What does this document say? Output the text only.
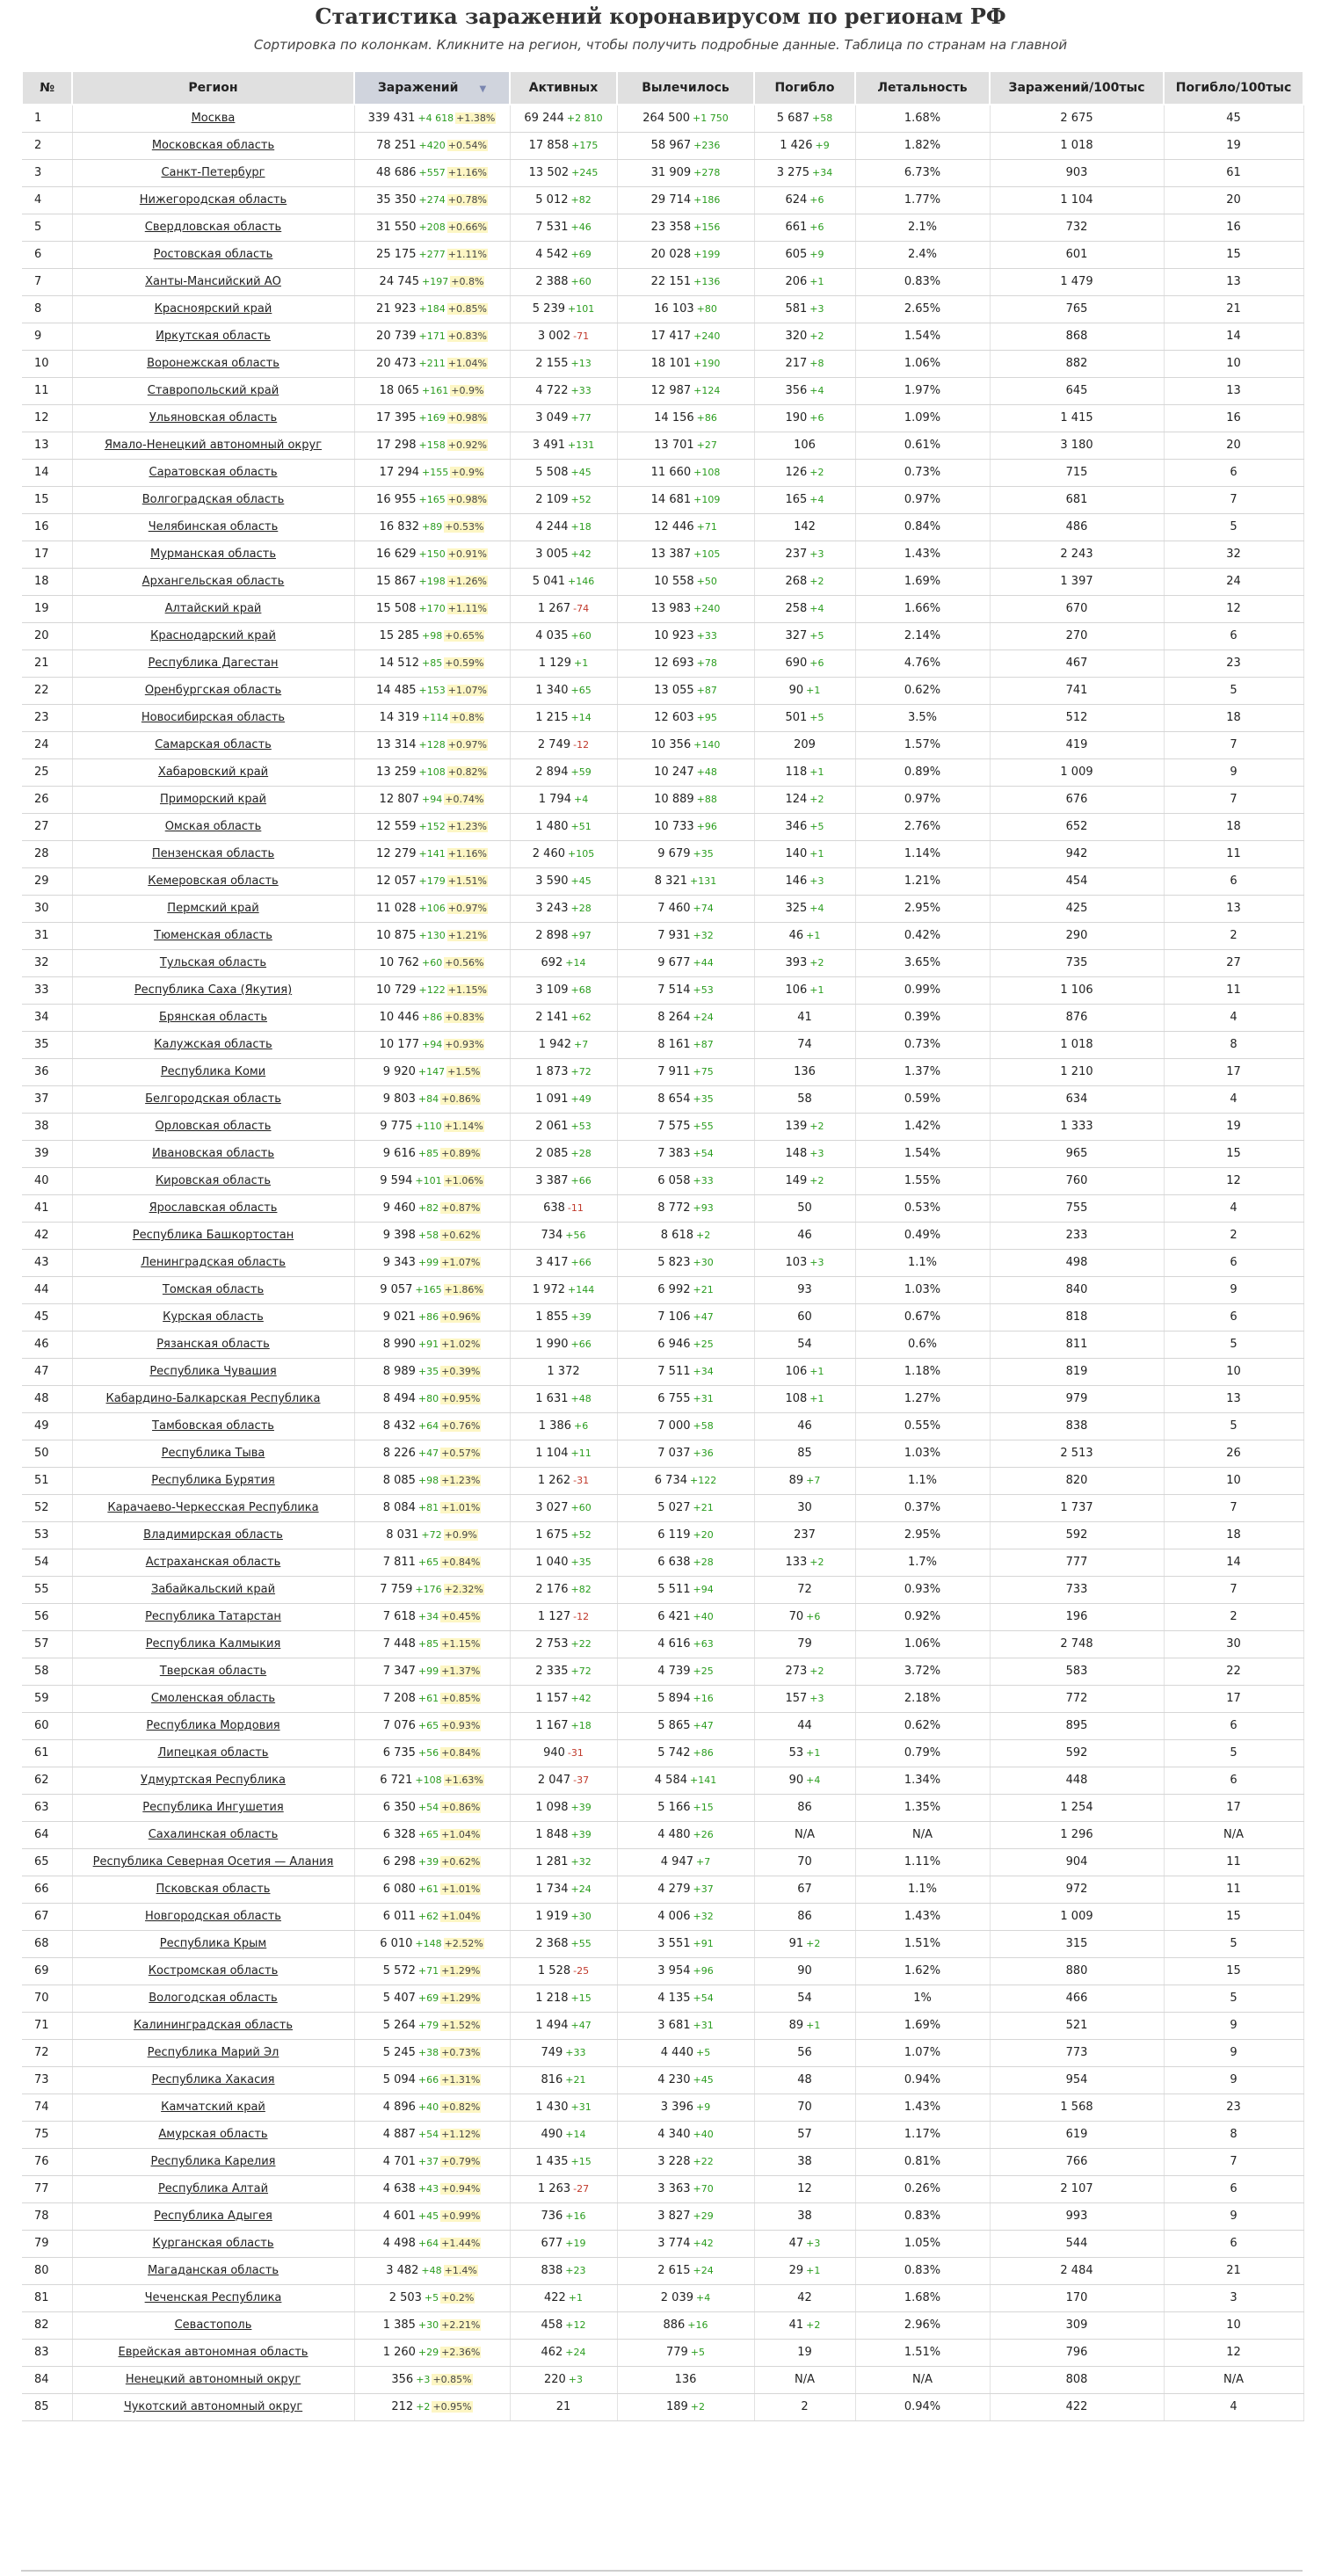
Статистика заражений коронавирусом по регионам РФ

Сортировка по колонкам. Кликните на регион, чтобы получить подробные данные. Таблица по странам на главной

№	Регион	Заражений ▼	Активных	Вылечилось	Погибло	Летальность	Заражений/100тыс	Погибло/100тыс
1	Москва	339 431 +4 618 +1.38%	69 244 +2 810	264 500 +1 750	5 687 +58	1.68%	2 675	45
2	Московская область	78 251 +420 +0.54%	17 858 +175	58 967 +236	1 426 +9	1.82%	1 018	19
3	Санкт-Петербург	48 686 +557 +1.16%	13 502 +245	31 909 +278	3 275 +34	6.73%	903	61
4	Нижегородская область	35 350 +274 +0.78%	5 012 +82	29 714 +186	624 +6	1.77%	1 104	20
5	Свердловская область	31 550 +208 +0.66%	7 531 +46	23 358 +156	661 +6	2.1%	732	16
6	Ростовская область	25 175 +277 +1.11%	4 542 +69	20 028 +199	605 +9	2.4%	601	15
7	Ханты-Мансийский АО	24 745 +197 +0.8%	2 388 +60	22 151 +136	206 +1	0.83%	1 479	13
8	Красноярский край	21 923 +184 +0.85%	5 239 +101	16 103 +80	581 +3	2.65%	765	21
9	Иркутская область	20 739 +171 +0.83%	3 002 -71	17 417 +240	320 +2	1.54%	868	14
10	Воронежская область	20 473 +211 +1.04%	2 155 +13	18 101 +190	217 +8	1.06%	882	10
11	Ставропольский край	18 065 +161 +0.9%	4 722 +33	12 987 +124	356 +4	1.97%	645	13
12	Ульяновская область	17 395 +169 +0.98%	3 049 +77	14 156 +86	190 +6	1.09%	1 415	16
13	Ямало-Ненецкий автономный округ	17 298 +158 +0.92%	3 491 +131	13 701 +27	106	0.61%	3 180	20
14	Саратовская область	17 294 +155 +0.9%	5 508 +45	11 660 +108	126 +2	0.73%	715	6
15	Волгоградская область	16 955 +165 +0.98%	2 109 +52	14 681 +109	165 +4	0.97%	681	7
16	Челябинская область	16 832 +89 +0.53%	4 244 +18	12 446 +71	142	0.84%	486	5
17	Мурманская область	16 629 +150 +0.91%	3 005 +42	13 387 +105	237 +3	1.43%	2 243	32
18	Архангельская область	15 867 +198 +1.26%	5 041 +146	10 558 +50	268 +2	1.69%	1 397	24
19	Алтайский край	15 508 +170 +1.11%	1 267 -74	13 983 +240	258 +4	1.66%	670	12
20	Краснодарский край	15 285 +98 +0.65%	4 035 +60	10 923 +33	327 +5	2.14%	270	6
21	Республика Дагестан	14 512 +85 +0.59%	1 129 +1	12 693 +78	690 +6	4.76%	467	23
22	Оренбургская область	14 485 +153 +1.07%	1 340 +65	13 055 +87	90 +1	0.62%	741	5
23	Новосибирская область	14 319 +114 +0.8%	1 215 +14	12 603 +95	501 +5	3.5%	512	18
24	Самарская область	13 314 +128 +0.97%	2 749 -12	10 356 +140	209	1.57%	419	7
25	Хабаровский край	13 259 +108 +0.82%	2 894 +59	10 247 +48	118 +1	0.89%	1 009	9
26	Приморский край	12 807 +94 +0.74%	1 794 +4	10 889 +88	124 +2	0.97%	676	7
27	Омская область	12 559 +152 +1.23%	1 480 +51	10 733 +96	346 +5	2.76%	652	18
28	Пензенская область	12 279 +141 +1.16%	2 460 +105	9 679 +35	140 +1	1.14%	942	11
29	Кемеровская область	12 057 +179 +1.51%	3 590 +45	8 321 +131	146 +3	1.21%	454	6
30	Пермский край	11 028 +106 +0.97%	3 243 +28	7 460 +74	325 +4	2.95%	425	13
31	Тюменская область	10 875 +130 +1.21%	2 898 +97	7 931 +32	46 +1	0.42%	290	2
32	Тульская область	10 762 +60 +0.56%	692 +14	9 677 +44	393 +2	3.65%	735	27
33	Республика Саха (Якутия)	10 729 +122 +1.15%	3 109 +68	7 514 +53	106 +1	0.99%	1 106	11
34	Брянская область	10 446 +86 +0.83%	2 141 +62	8 264 +24	41	0.39%	876	4
35	Калужская область	10 177 +94 +0.93%	1 942 +7	8 161 +87	74	0.73%	1 018	8
36	Республика Коми	9 920 +147 +1.5%	1 873 +72	7 911 +75	136	1.37%	1 210	17
37	Белгородская область	9 803 +84 +0.86%	1 091 +49	8 654 +35	58	0.59%	634	4
38	Орловская область	9 775 +110 +1.14%	2 061 +53	7 575 +55	139 +2	1.42%	1 333	19
39	Ивановская область	9 616 +85 +0.89%	2 085 +28	7 383 +54	148 +3	1.54%	965	15
40	Кировская область	9 594 +101 +1.06%	3 387 +66	6 058 +33	149 +2	1.55%	760	12
41	Ярославская область	9 460 +82 +0.87%	638 -11	8 772 +93	50	0.53%	755	4
42	Республика Башкортостан	9 398 +58 +0.62%	734 +56	8 618 +2	46	0.49%	233	2
43	Ленинградская область	9 343 +99 +1.07%	3 417 +66	5 823 +30	103 +3	1.1%	498	6
44	Томская область	9 057 +165 +1.86%	1 972 +144	6 992 +21	93	1.03%	840	9
45	Курская область	9 021 +86 +0.96%	1 855 +39	7 106 +47	60	0.67%	818	6
46	Рязанская область	8 990 +91 +1.02%	1 990 +66	6 946 +25	54	0.6%	811	5
47	Республика Чувашия	8 989 +35 +0.39%	1 372	7 511 +34	106 +1	1.18%	819	10
48	Кабардино-Балкарская Республика	8 494 +80 +0.95%	1 631 +48	6 755 +31	108 +1	1.27%	979	13
49	Тамбовская область	8 432 +64 +0.76%	1 386 +6	7 000 +58	46	0.55%	838	5
50	Республика Тыва	8 226 +47 +0.57%	1 104 +11	7 037 +36	85	1.03%	2 513	26
51	Республика Бурятия	8 085 +98 +1.23%	1 262 -31	6 734 +122	89 +7	1.1%	820	10
52	Карачаево-Черкесская Республика	8 084 +81 +1.01%	3 027 +60	5 027 +21	30	0.37%	1 737	7
53	Владимирская область	8 031 +72 +0.9%	1 675 +52	6 119 +20	237	2.95%	592	18
54	Астраханская область	7 811 +65 +0.84%	1 040 +35	6 638 +28	133 +2	1.7%	777	14
55	Забайкальский край	7 759 +176 +2.32%	2 176 +82	5 511 +94	72	0.93%	733	7
56	Республика Татарстан	7 618 +34 +0.45%	1 127 -12	6 421 +40	70 +6	0.92%	196	2
57	Республика Калмыкия	7 448 +85 +1.15%	2 753 +22	4 616 +63	79	1.06%	2 748	30
58	Тверская область	7 347 +99 +1.37%	2 335 +72	4 739 +25	273 +2	3.72%	583	22
59	Смоленская область	7 208 +61 +0.85%	1 157 +42	5 894 +16	157 +3	2.18%	772	17
60	Республика Мордовия	7 076 +65 +0.93%	1 167 +18	5 865 +47	44	0.62%	895	6
61	Липецкая область	6 735 +56 +0.84%	940 -31	5 742 +86	53 +1	0.79%	592	5
62	Удмуртская Республика	6 721 +108 +1.63%	2 047 -37	4 584 +141	90 +4	1.34%	448	6
63	Республика Ингушетия	6 350 +54 +0.86%	1 098 +39	5 166 +15	86	1.35%	1 254	17
64	Сахалинская область	6 328 +65 +1.04%	1 848 +39	4 480 +26	N/A	N/A	1 296	N/A
65	Республика Северная Осетия — Алания	6 298 +39 +0.62%	1 281 +32	4 947 +7	70	1.11%	904	11
66	Псковская область	6 080 +61 +1.01%	1 734 +24	4 279 +37	67	1.1%	972	11
67	Новгородская область	6 011 +62 +1.04%	1 919 +30	4 006 +32	86	1.43%	1 009	15
68	Республика Крым	6 010 +148 +2.52%	2 368 +55	3 551 +91	91 +2	1.51%	315	5
69	Костромская область	5 572 +71 +1.29%	1 528 -25	3 954 +96	90	1.62%	880	15
70	Вологодская область	5 407 +69 +1.29%	1 218 +15	4 135 +54	54	1%	466	5
71	Калининградская область	5 264 +79 +1.52%	1 494 +47	3 681 +31	89 +1	1.69%	521	9
72	Республика Марий Эл	5 245 +38 +0.73%	749 +33	4 440 +5	56	1.07%	773	9
73	Республика Хакасия	5 094 +66 +1.31%	816 +21	4 230 +45	48	0.94%	954	9
74	Камчатский край	4 896 +40 +0.82%	1 430 +31	3 396 +9	70	1.43%	1 568	23
75	Амурская область	4 887 +54 +1.12%	490 +14	4 340 +40	57	1.17%	619	8
76	Республика Карелия	4 701 +37 +0.79%	1 435 +15	3 228 +22	38	0.81%	766	7
77	Республика Алтай	4 638 +43 +0.94%	1 263 -27	3 363 +70	12	0.26%	2 107	6
78	Республика Адыгея	4 601 +45 +0.99%	736 +16	3 827 +29	38	0.83%	993	9
79	Курганская область	4 498 +64 +1.44%	677 +19	3 774 +42	47 +3	1.05%	544	6
80	Магаданская область	3 482 +48 +1.4%	838 +23	2 615 +24	29 +1	0.83%	2 484	21
81	Чеченская Республика	2 503 +5 +0.2%	422 +1	2 039 +4	42	1.68%	170	3
82	Севастополь	1 385 +30 +2.21%	458 +12	886 +16	41 +2	2.96%	309	10
83	Еврейская автономная область	1 260 +29 +2.36%	462 +24	779 +5	19	1.51%	796	12
84	Ненецкий автономный округ	356 +3 +0.85%	220 +3	136	N/A	N/A	808	N/A
85	Чукотский автономный округ	212 +2 +0.95%	21	189 +2	2	0.94%	422	4
